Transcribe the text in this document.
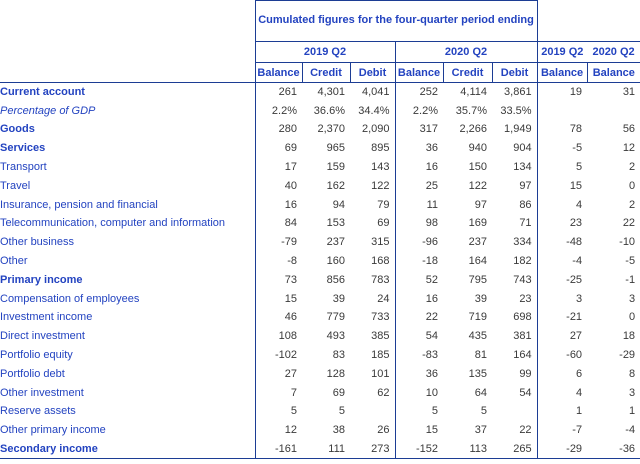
	Cumulated figures for the four-quarter period ending							
	2019 Q2			2020 Q2			2019 Q2	2020 Q2
	Balance	Credit	Debit	Balance	Credit	Debit	Balance	Balance
Current account	261	4,301	4,041	252	4,114	3,861	19	31
Percentage of GDP	2.2%	36.6%	34.4%	2.2%	35.7%	33.5%		
Goods	280	2,370	2,090	317	2,266	1,949	78	56
Services	69	965	895	36	940	904	-5	12
Transport	17	159	143	16	150	134	5	2
Travel	40	162	122	25	122	97	15	0
Insurance, pension and financial	16	94	79	11	97	86	4	2
Telecommunication, computer and information	84	153	69	98	169	71	23	22
Other business	-79	237	315	-96	237	334	-48	-10
Other	-8	160	168	-18	164	182	-4	-5
Primary income	73	856	783	52	795	743	-25	-1
Compensation of employees	15	39	24	16	39	23	3	3
Investment income	46	779	733	22	719	698	-21	0
Direct investment	108	493	385	54	435	381	27	18
Portfolio equity	-102	83	185	-83	81	164	-60	-29
Portfolio debt	27	128	101	36	135	99	6	8
Other investment	7	69	62	10	64	54	4	3
Reserve assets	5	5		5	5		1	1
Other primary income	12	38	26	15	37	22	-7	-4
Secondary income	-161	111	273	-152	113	265	-29	-36
